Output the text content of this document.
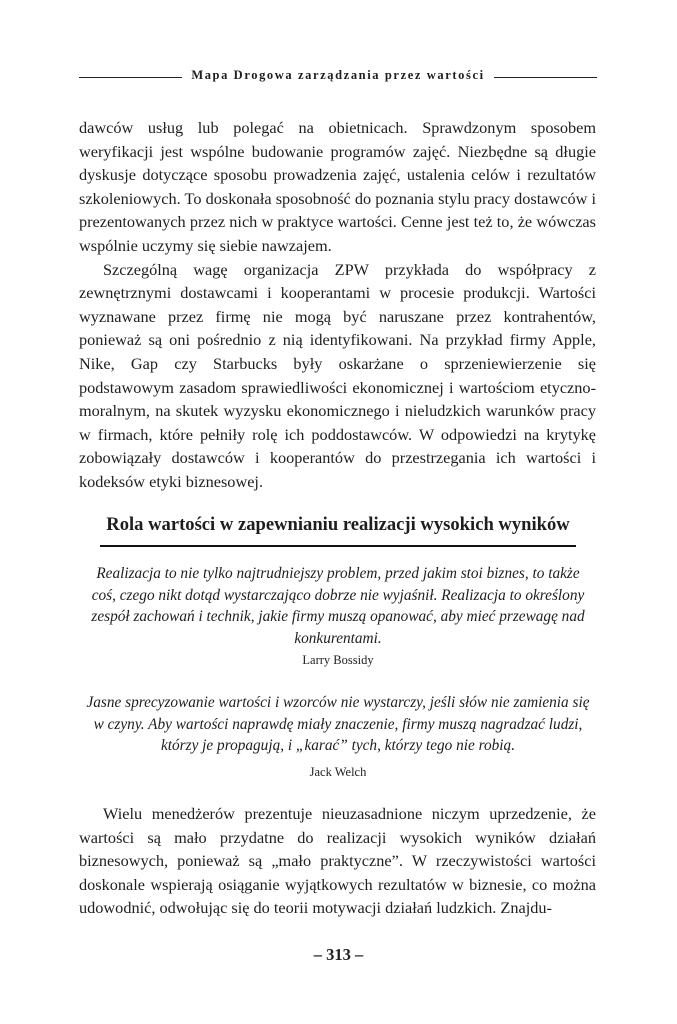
Mapa Drogowa zarządzania przez wartości

dawców usług lub polegać na obietnicach. Sprawdzonym sposobem weryfikacji jest wspólne budowanie programów zajęć. Niezbędne są długie dyskusje dotyczące sposobu prowadzenia zajęć, ustalenia celów i rezultatów szkoleniowych. To doskonała sposobność do poznania stylu pracy dostawców i prezentowanych przez nich w praktyce wartości. Cenne jest też to, że wówczas wspólnie uczymy się siebie nawzajem.

Szczególną wagę organizacja ZPW przykłada do współpracy z zewnętrznymi dostawcami i kooperantami w procesie produkcji. Wartości wyznawane przez firmę nie mogą być naruszane przez kontrahentów, ponieważ są oni pośrednio z nią identyfikowani. Na przykład firmy Apple, Nike, Gap czy Starbucks były oskarżane o sprzeniewierzenie się podstawowym zasadom sprawiedliwości ekonomicznej i wartościom etyczno-moralnym, na skutek wyzysku ekonomicznego i nieludzkich warunków pracy w firmach, które pełniły rolę ich poddostawców. W odpowiedzi na krytykę zobowiązały dostawców i kooperantów do przestrzegania ich wartości i kodeksów etyki biznesowej.

Rola wartości w zapewnianiu realizacji wysokich wyników
Realizacja to nie tylko najtrudniejszy problem, przed jakim stoi biznes, to także coś, czego nikt dotąd wystarczająco dobrze nie wyjaśnił. Realizacja to określony zespół zachowań i technik, jakie firmy muszą opanować, aby mieć przewagę nad konkurentami.
Larry Bossidy
Jasne sprecyzowanie wartości i wzorców nie wystarczy, jeśli słów nie zamienia się w czyny. Aby wartości naprawdę miały znaczenie, firmy muszą nagradzać ludzi, którzy je propagują, i „karać” tych, którzy tego nie robią.
Jack Welch

Wielu menedżerów prezentuje nieuzasadnione niczym uprzedzenie, że wartości są mało przydatne do realizacji wysokich wyników działań biznesowych, ponieważ są „mało praktyczne”. W rzeczywistości wartości doskonale wspierają osiąganie wyjątkowych rezultatów w biznesie, co można udowodnić, odwołując się do teorii motywacji działań ludzkich. Znajdu-

– 313 –
